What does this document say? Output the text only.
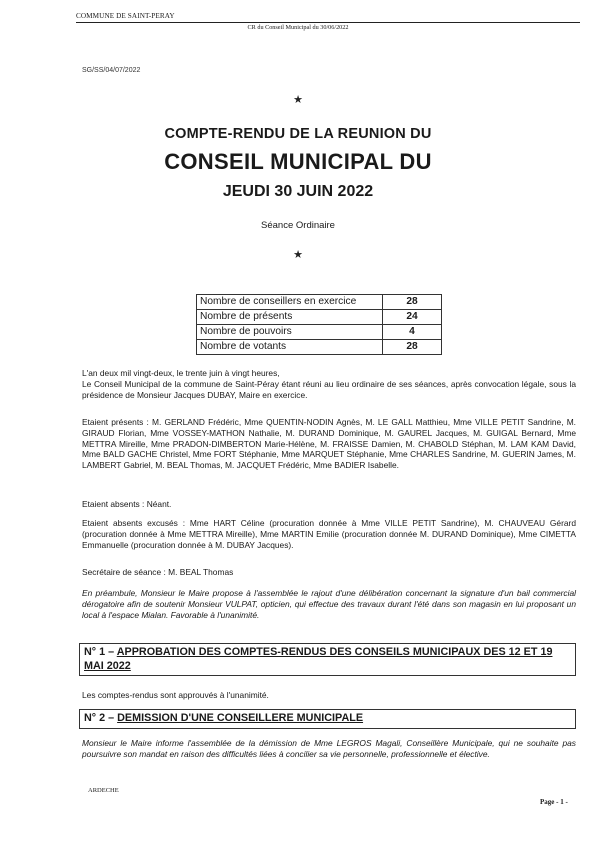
COMMUNE DE SAINT-PERAY
CR du Conseil Municipal du 30/06/2022
SG/SS/04/07/2022
★
COMPTE-RENDU DE LA REUNION DU
CONSEIL MUNICIPAL DU
JEUDI 30 JUIN 2022
Séance Ordinaire
★
Nombre de conseillers en exercice	28
Nombre de présents	24
Nombre de pouvoirs	4
Nombre de votants	28
L'an deux mil vingt-deux, le trente juin à vingt heures,
Le Conseil Municipal de la commune de Saint-Péray étant réuni au lieu ordinaire de ses séances, après convocation légale, sous la présidence de Monsieur Jacques DUBAY, Maire en exercice.
Etaient présents : M. GERLAND Frédéric, Mme QUENTIN-NODIN Agnès, M. LE GALL Matthieu, Mme VILLE PETIT Sandrine, M. GIRAUD Florian, Mme VOSSEY-MATHON Nathalie, M. DURAND Dominique, M. GAUREL Jacques, M. GUIGAL Bernard, Mme METTRA Mireille, Mme PRADON-DIMBERTON Marie-Hélène, M. FRAISSE Damien, M. CHABOLD Stéphan, M. LAM KAM David, Mme BALD GACHE Christel, Mme FORT Stéphanie, Mme MARQUET Stéphanie, Mme CHARLES Sandrine, M. GUERIN James, M. LAMBERT Gabriel, M. BEAL Thomas, M. JACQUET Frédéric, Mme BADIER Isabelle.
Etaient absents : Néant.
Etaient absents excusés : Mme HART Céline (procuration donnée à Mme VILLE PETIT Sandrine), M. CHAUVEAU Gérard (procuration donnée à Mme METTRA Mireille), Mme MARTIN Emilie (procuration donnée M. DURAND Dominique), Mme CIMETTA Emmanuelle (procuration donnée à M. DUBAY Jacques).
Secrétaire de séance : M. BEAL Thomas
En préambule, Monsieur le Maire propose à l'assemblée le rajout d'une délibération concernant la signature d'un bail commercial dérogatoire afin de soutenir Monsieur VULPAT, opticien, qui effectue des travaux durant l'été dans son magasin en lui proposant un local à l'espace Mialan. Favorable à l'unanimité.
N° 1 – APPROBATION DES COMPTES-RENDUS DES CONSEILS MUNICIPAUX DES 12 ET 19 MAI 2022
Les comptes-rendus sont approuvés à l'unanimité.
N° 2 – DEMISSION D'UNE CONSEILLERE MUNICIPALE
Monsieur le Maire informe l'assemblée de la démission de Mme LEGROS Magali, Conseillère Municipale, qui ne souhaite pas poursuivre son mandat en raison des difficultés liées à concilier sa vie personnelle, professionnelle et élective.
ARDECHE
Page - 1 -
